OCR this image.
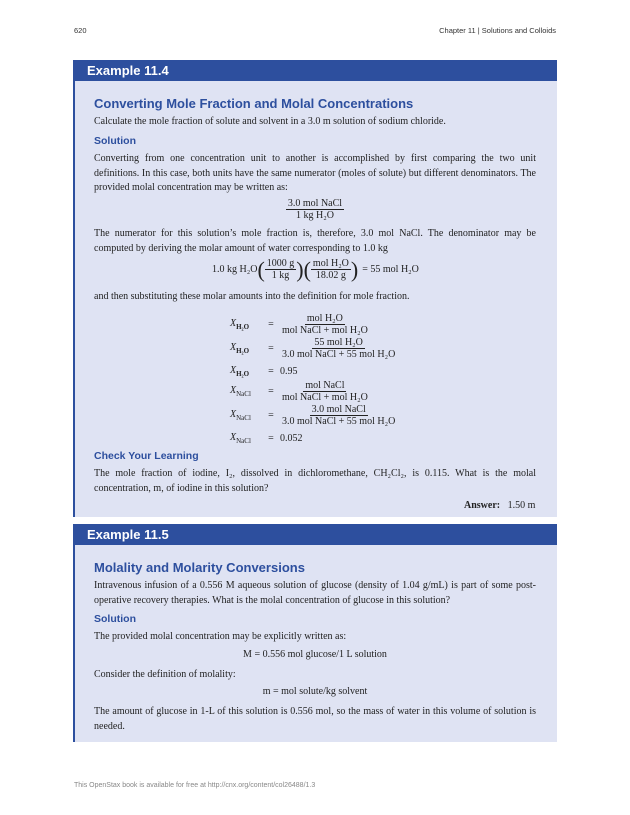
620	Chapter 11 | Solutions and Colloids
Example 11.4
Converting Mole Fraction and Molal Concentrations
Calculate the mole fraction of solute and solvent in a 3.0 m solution of sodium chloride.
Solution
Converting from one concentration unit to another is accomplished by first comparing the two unit definitions. In this case, both units have the same numerator (moles of solute) but different denominators. The provided molal concentration may be written as:
$\frac{\text{3.0 mol NaCl}}{\text{1 kg H₂O}}$
The numerator for this solution’s mole fraction is, therefore, 3.0 mol NaCl. The denominator may be computed by deriving the molar amount of water corresponding to 1.0 kg
1.0 kg H₂O ( $\frac{1000 g}{1 kg}$ )( $\frac{\text{mol H₂O}}{18.02 g}$ ) = 55 mol H₂O
and then substituting these molar amounts into the definition for mole fraction.
$X_{H_2O}$	= $\frac{\text{mol H₂O}}{\text{mol NaCl + mol H₂O}}$
$X_{H_2O}$	= $\frac{\text{55 mol H₂O}}{\text{3.0 mol NaCl + 55 mol H₂O}}$
$X_{H_2O}$	= 0.95
$X_{NaCl}$	= $\frac{\text{mol NaCl}}{\text{mol NaCl + mol H₂O}}$
$X_{NaCl}$	= $\frac{\text{3.0 mol NaCl}}{\text{3.0 mol NaCl + 55 mol H₂O}}$
$X_{NaCl}$	= 0.052
Check Your Learning
The mole fraction of iodine, I₂, dissolved in dichloromethane, CH₂Cl₂, is 0.115. What is the molal concentration, m, of iodine in this solution?
Answer: 1.50 m
Example 11.5
Molality and Molarity Conversions
Intravenous infusion of a 0.556 M aqueous solution of glucose (density of 1.04 g/mL) is part of some post-operative recovery therapies. What is the molal concentration of glucose in this solution?
Solution
The provided molal concentration may be explicitly written as:
M = 0.556 mol glucose/1 L solution
Consider the definition of molality:
m = mol solute/kg solvent
The amount of glucose in 1-L of this solution is 0.556 mol, so the mass of water in this volume of solution is needed.
This OpenStax book is available for free at http://cnx.org/content/col26488/1.3
